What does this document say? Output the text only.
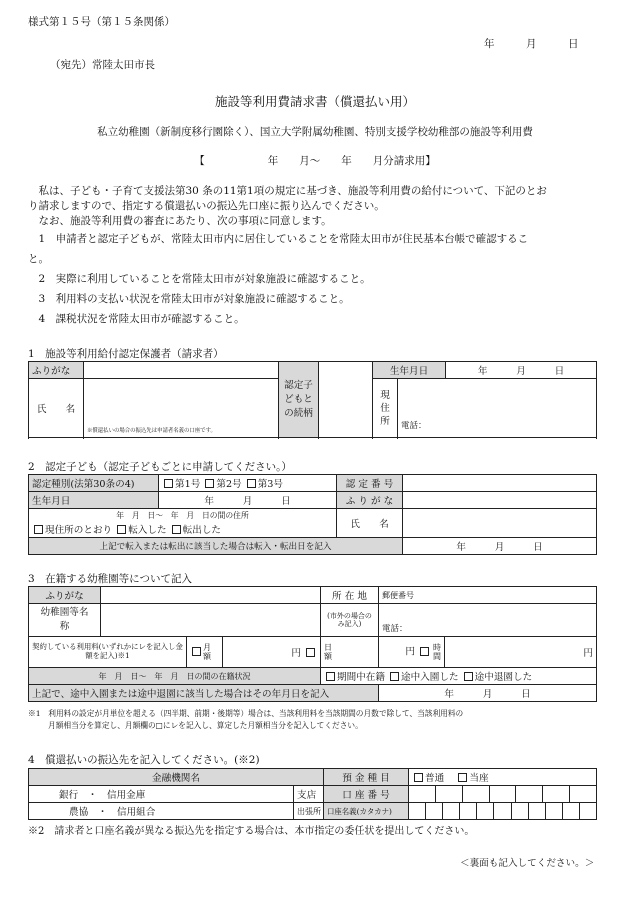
様式第１５号（第１５条関係）
年　　　月　　　日
（宛先）常陸太田市長
施設等利用費請求書（償還払い用）
私立幼稚園（新制度移行園除く）、国立大学附属幼稚園、特別支援学校幼稚部の施設等利用費
【　　　　　　年　　月～　　年　　月分請求用】
　私は、子ども・子育て支援法第30 条の11第1項の規定に基づき、施設等利用費の給付について、下記のとお
り請求しますので、指定する償還払いの振込先口座に振り込んでください。
　なお、施設等利用費の審査にあたり、次の事項に同意します。
　1　申請者と認定子どもが、常陸太田市内に居住していることを常陸太田市が住民基本台帳で確認するこ
と。
　2　実際に利用していることを常陸太田市が対象施設に確認すること。
　3　利用料の支払い状況を常陸太田市が対象施設に確認すること。
　4　課税状況を常陸太田市が確認すること。
1　施設等利用給付認定保護者（請求者）
ふりがな		認定子どもとの続柄		生年月日		年　　　月　　　日
氏　　名	※償還払いの場合の振込先は申請者名義の口座です。			現住所	電話：	

2　認定子ども（認定子どもごとに申請してください。）
認定種別(法第30条の4)	第1号 第2号 第3号	認 定 番 号	
生年月日	年　　　月　　　日	ふ り が な	
年　月　日～　年　月　日の間の住所		氏　　名	
現住所のとおり 転入した 転出した			
上記で転入または転出に該当した場合は転入・転出日を記入			年　　　月　　　日
3　在籍する幼稚園等について記入
ふりがな				所 在 地	郵便番号	
幼稚園等名　　称				(市外の場合のみ記入)	電話：	
契約している利用料(いずれかにレを記入し金額を記入)※1		月額	円	日額	円 時間	円
年　月　日～　年　月　日の間の在籍状況				期間中在籍 途中入園した 途中退園した		
上記で、途中入園または途中退園に該当した場合はその年月日を記入					年　　　月　　　日	
※1　利用料の設定が月単位を超える（四半期、前期・後期等）場合は、当該利用料を当該期間の月数で除して、当該利用料の
月額相当分を算定し、月額欄の□にレを記入し、算定した月額相当分を記入してください。
4　償還払いの振込先を記入してください。(※2)
金融機関名		預 金 種 目	普通 当座
銀行　・　信用金庫	支店	口 座 番 号	

農協　・　信用組合	出張所	口座名義(カタカナ)	
※2　請求者と口座名義が異なる振込先を指定する場合は、本市指定の委任状を提出してください。
＜裏面も記入してください。＞
